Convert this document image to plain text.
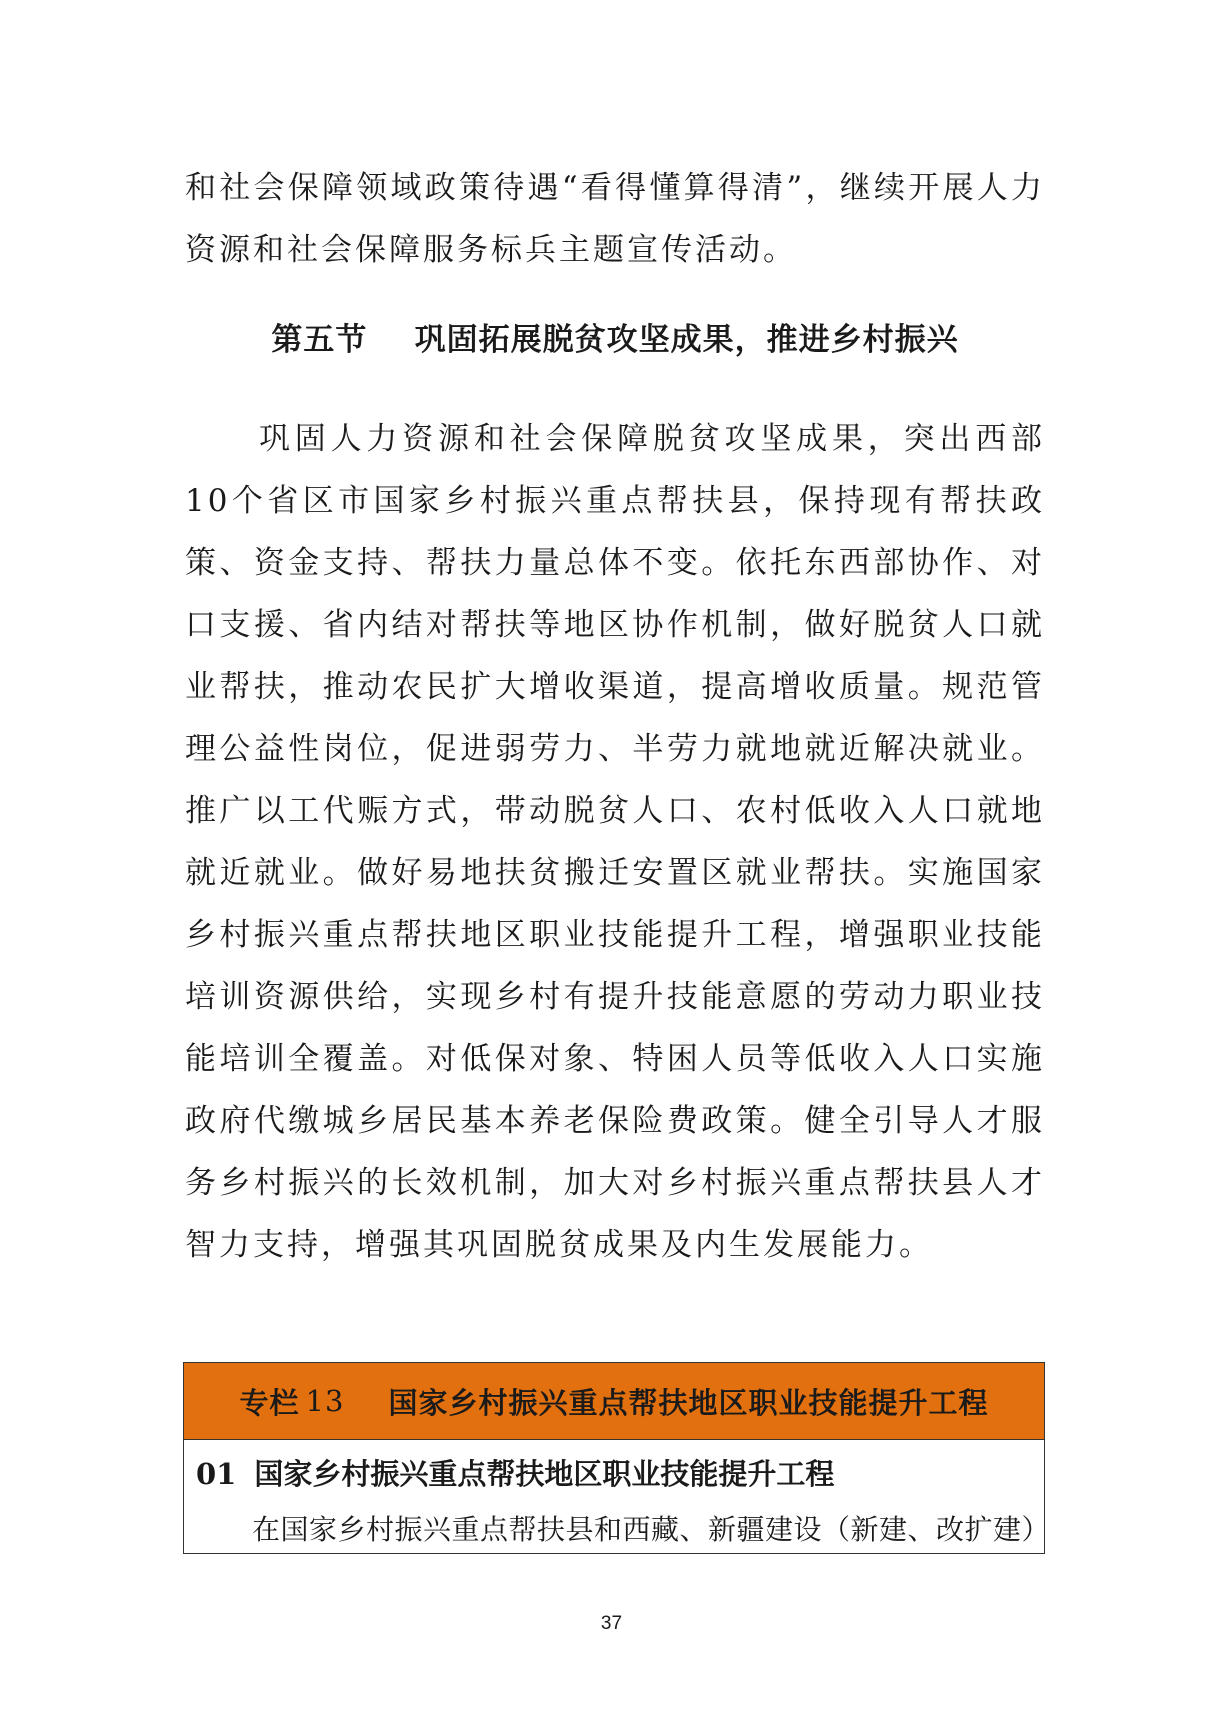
和社会保障领域政策待遇“看得懂算得清”，继续开展人力资源和社会保障服务标兵主题宣传活动。

第五节 巩固拓展脱贫攻坚成果，推进乡村振兴

巩固人力资源和社会保障脱贫攻坚成果，突出西部10个省区市国家乡村振兴重点帮扶县，保持现有帮扶政策、资金支持、帮扶力量总体不变。依托东西部协作、对口支援、省内结对帮扶等地区协作机制，做好脱贫人口就业帮扶，推动农民扩大增收渠道，提高增收质量。规范管理公益性岗位，促进弱劳力、半劳力就地就近解决就业。推广以工代赈方式，带动脱贫人口、农村低收入人口就地就近就业。做好易地扶贫搬迁安置区就业帮扶。实施国家乡村振兴重点帮扶地区职业技能提升工程，增强职业技能培训资源供给，实现乡村有提升技能意愿的劳动力职业技能培训全覆盖。对低保对象、特困人员等低收入人口实施政府代缴城乡居民基本养老保险费政策。健全引导人才服务乡村振兴的长效机制，加大对乡村振兴重点帮扶县人才智力支持，增强其巩固脱贫成果及内生发展能力。

专栏 13 国家乡村振兴重点帮扶地区职业技能提升工程
01 国家乡村振兴重点帮扶地区职业技能提升工程
在国家乡村振兴重点帮扶县和西藏、新疆建设（新建、改扩建）
37
